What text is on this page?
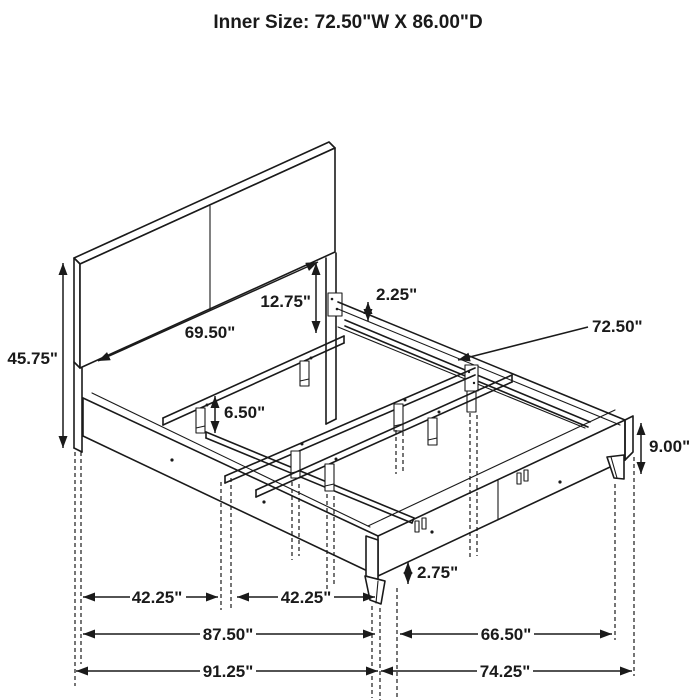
45.75"
69.50"
12.75"	2.25"
72.50"
6.50"
9.00"
2.75"
42.25"	42.25"
87.50"	66.50"
91.25"	74.25"
Inner Size: 72.50"W X 86.00"D
